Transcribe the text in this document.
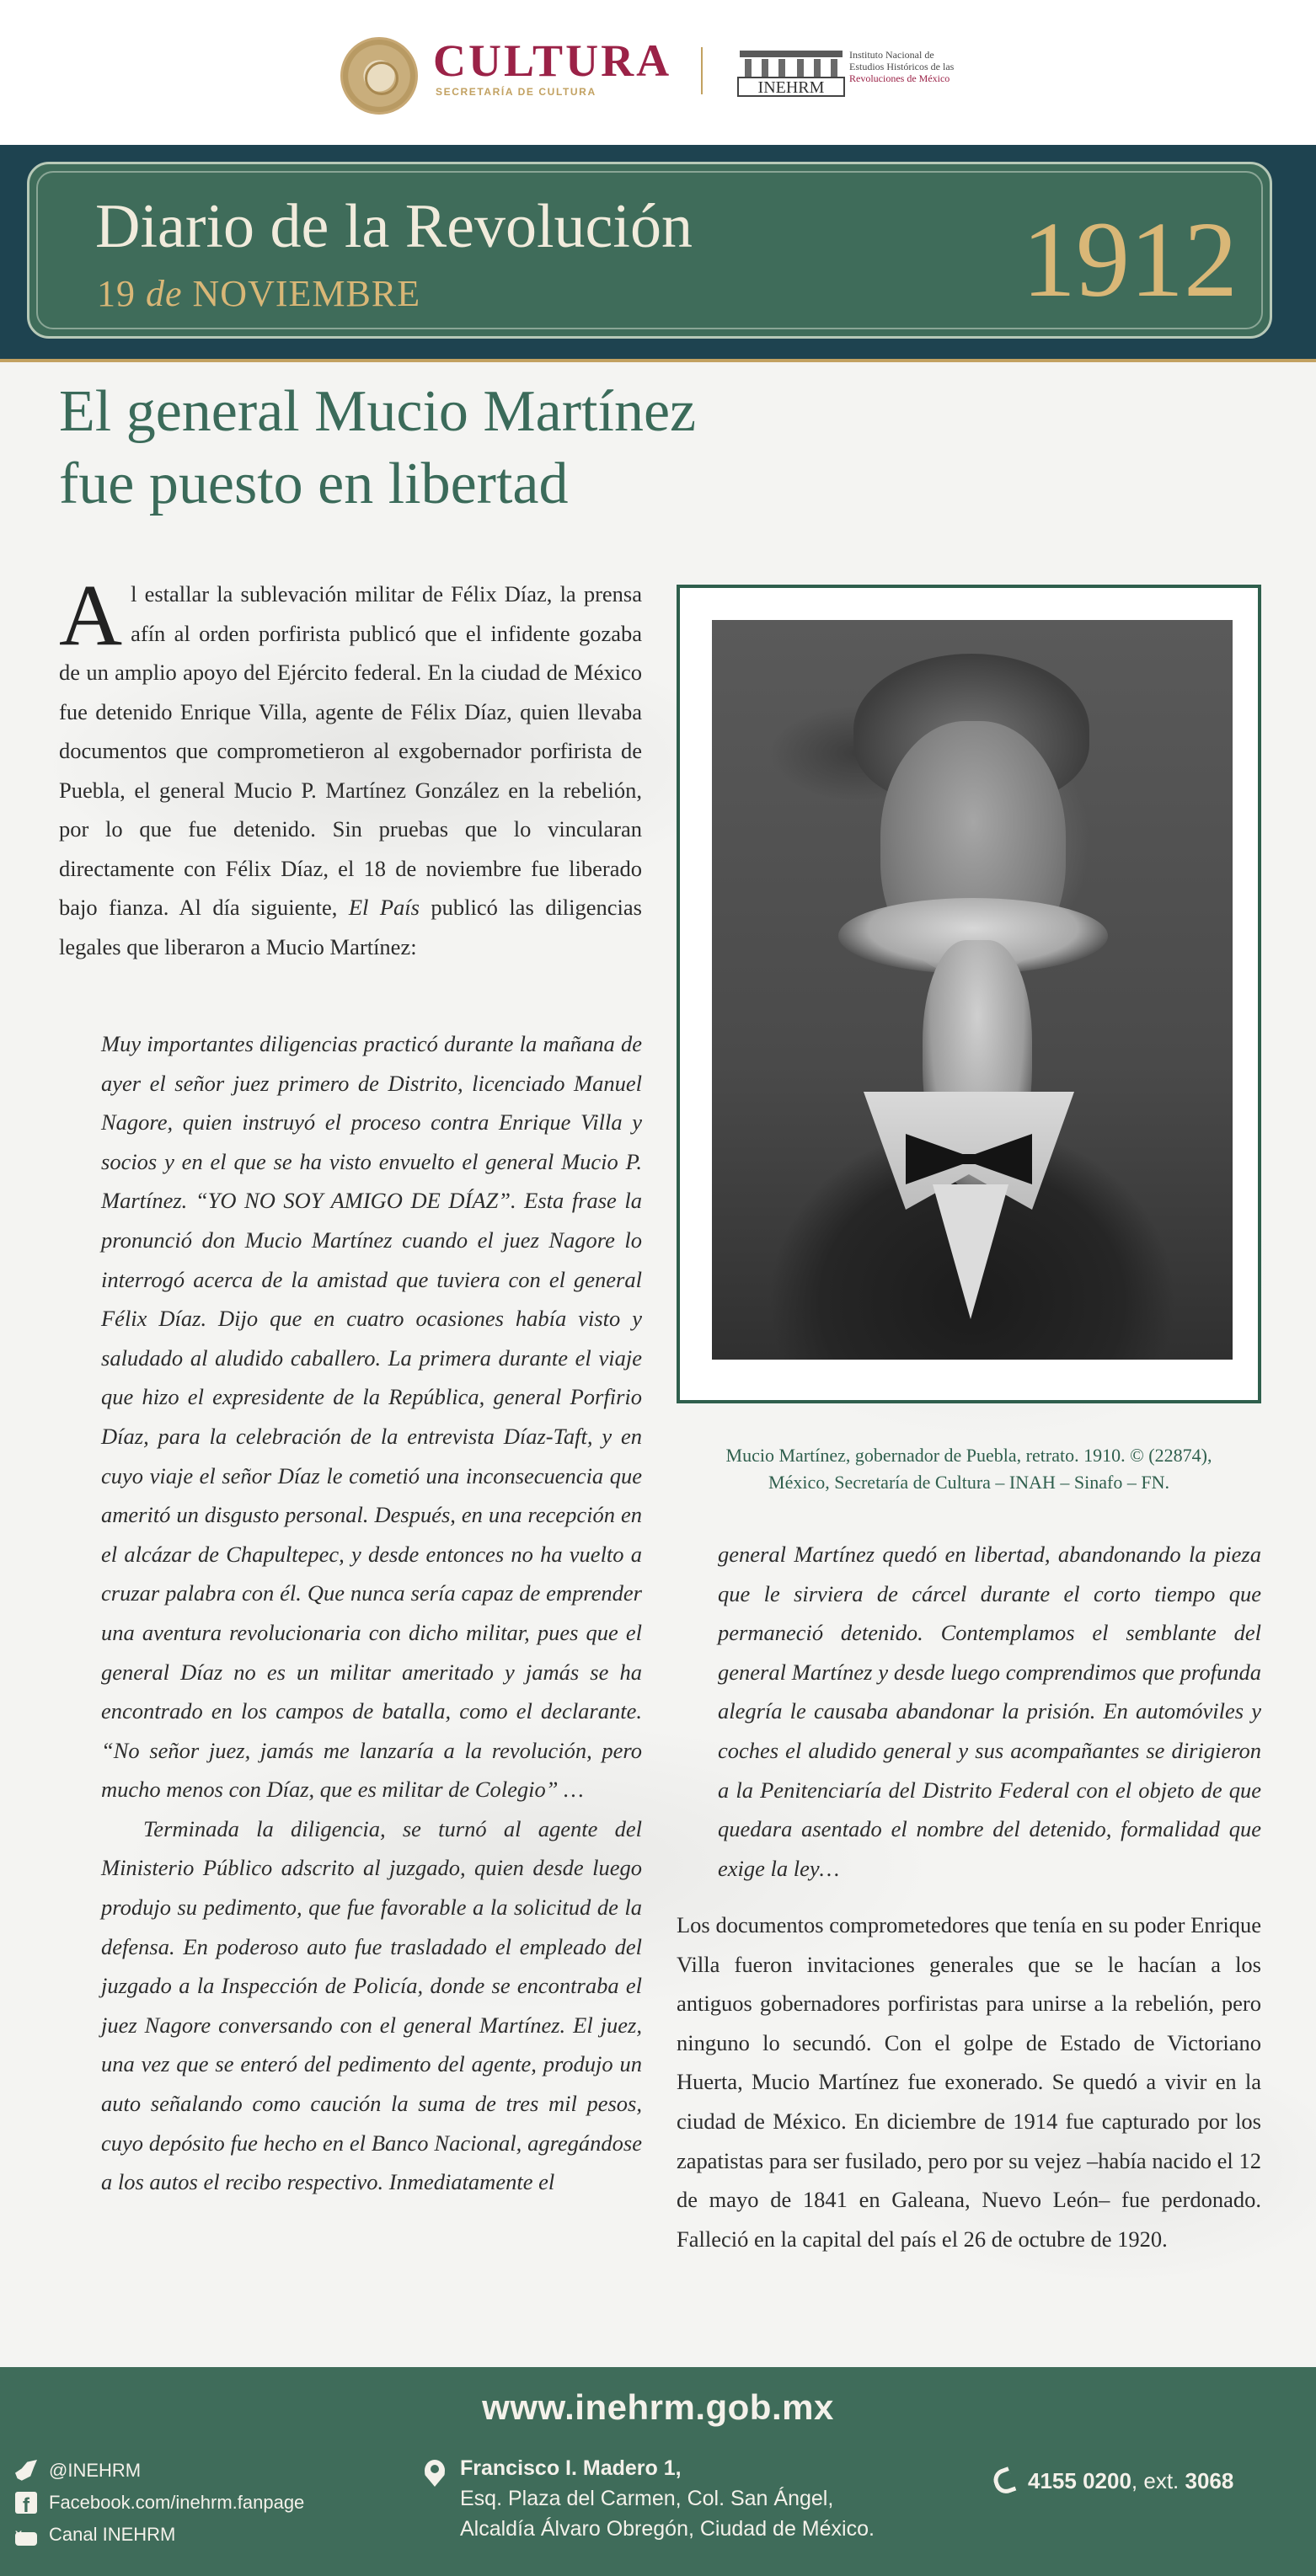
CULTURA
SECRETARÍA DE CULTURA	INEHRM
Instituto Nacional de
Estudios Históricos de las
Revoluciones de México
Diario de la Revolución
19 de NOVIEMBRE	1912
El general Mucio Martínez
fue puesto en libertad

Al estallar la sublevación militar de Félix Díaz, la prensa afín al orden porfirista publicó que el infidente gozaba de un amplio apoyo del Ejército federal. En la ciudad de México fue detenido Enrique Villa, agente de Félix Díaz, quien llevaba documentos que comprometieron al exgobernador porfirista de Puebla, el general Mucio P. Martínez González en la rebelión, por lo que fue detenido. Sin pruebas que lo vincularan directamente con Félix Díaz, el 18 de noviembre fue liberado bajo fianza. Al día siguiente, El País publicó las diligencias legales que liberaron a Mucio Martínez:

Muy importantes diligencias practicó durante la mañana de ayer el señor juez primero de Distrito, licenciado Manuel Nagore, quien instruyó el proceso contra Enrique Villa y socios y en el que se ha visto envuelto el general Mucio P. Martínez. “YO NO SOY AMIGO DE DÍAZ”. Esta frase la pronunció don Mucio Martínez cuando el juez Nagore lo interrogó acerca de la amistad que tuviera con el general Félix Díaz. Dijo que en cuatro ocasiones había visto y saludado al aludido caballero. La primera durante el viaje que hizo el expresidente de la República, general Porfirio Díaz, para la celebración de la entrevista Díaz-Taft, y en cuyo viaje el señor Díaz le cometió una inconsecuencia que ameritó un disgusto personal. Después, en una recepción en el alcázar de Chapultepec, y desde entonces no ha vuelto a cruzar palabra con él. Que nunca sería capaz de emprender una aventura revolucionaria con dicho militar, pues que el general Díaz no es un militar ameritado y jamás se ha encontrado en los campos de batalla, como el declarante. “No señor juez, jamás me lanzaría a la revolución, pero mucho menos con Díaz, que es militar de Colegio” …

Terminada la diligencia, se turnó al agente del Ministerio Público adscrito al juzgado, quien desde luego produjo su pedimento, que fue favorable a la solicitud de la defensa. En poderoso auto fue trasladado el empleado del juzgado a la Inspección de Policía, donde se encontraba el juez Nagore conversando con el general Martínez. El juez, una vez que se enteró del pedimento del agente, produjo un auto señalando como caución la suma de tres mil pesos, cuyo depósito fue hecho en el Banco Nacional, agregándose a los autos el recibo respectivo. Inmediatamente el

Mucio Martínez, gobernador de Puebla, retrato. 1910. © (22874),
México, Secretaría de Cultura – INAH – Sinafo – FN.

general Martínez quedó en libertad, abandonando la pieza que le sirviera de cárcel durante el corto tiempo que permaneció detenido. Contemplamos el semblante del general Martínez y desde luego comprendimos que profunda alegría le causaba abandonar la prisión. En automóviles y coches el aludido general y sus acompañantes se dirigieron a la Penitenciaría del Distrito Federal con el objeto de que quedara asentado el nombre del detenido, formalidad que exige la ley…

Los documentos comprometedores que tenía en su poder Enrique Villa fueron invitaciones generales que se le hacían a los antiguos gobernadores porfiristas para unirse a la rebelión, pero ninguno lo secundó. Con el golpe de Estado de Victoriano Huerta, Mucio Martínez fue exonerado. Se quedó a vivir en la ciudad de México. En diciembre de 1914 fue capturado por los zapatistas para ser fusilado, pero por su vejez –había nacido el 12 de mayo de 1841 en Galeana, Nuevo León– fue perdonado. Falleció en la capital del país el 26 de octubre de 1920.

www.inehrm.gob.mx
@INEHRM
f
Facebook.com/inehrm.fanpage
You
Canal INEHRM
Francisco I. Madero 1,
Esq. Plaza del Carmen, Col. San Ángel,
Alcaldía Álvaro Obregón, Ciudad de México.
4155 0200 , ext. 3068
